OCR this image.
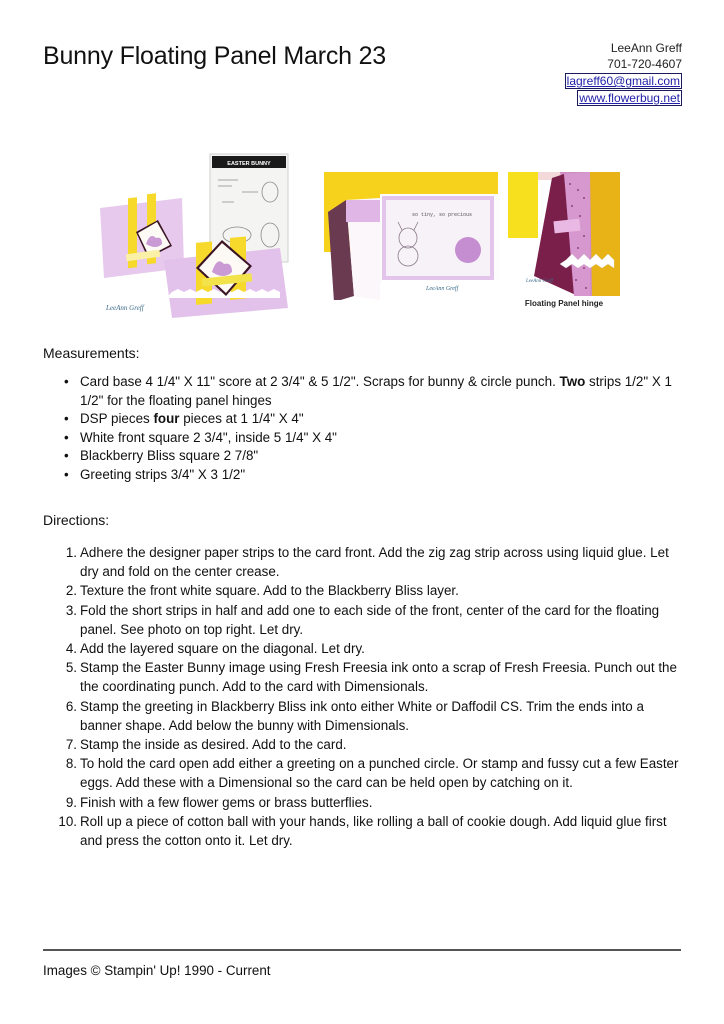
Bunny Floating Panel March 23	LeeAnn Greff
701-720-4607
lagreff60@gmail.com
www.flowerbug.net
EASTER BUNNY
LeeAnn Greff
so tiny, so precious
LeeAnn Greff
LeeAnn Greff
Floating Panel hinge
Measurements:
• Card base 4 1/4" X 11" score at 2 3/4" & 5 1/2". Scraps for bunny & circle punch. Two strips 1/2" X 1 1/2" for the floating panel hinges
• DSP pieces four pieces at 1 1/4" X 4"
• White front square 2 3/4", inside 5 1/4" X 4"
• Blackberry Bliss square 2 7/8"
• Greeting strips 3/4" X 3 1/2"
Directions:
1. Adhere the designer paper strips to the card front. Add the zig zag strip across using liquid glue. Let dry and fold on the center crease.
2. Texture the front white square. Add to the Blackberry Bliss layer.
3. Fold the short strips in half and add one to each side of the front, center of the card for the floating panel. See photo on top right. Let dry.
4. Add the layered square on the diagonal. Let dry.
5. Stamp the Easter Bunny image using Fresh Freesia ink onto a scrap of Fresh Freesia. Punch out the the coordinating punch. Add to the card with Dimensionals.
6. Stamp the greeting in Blackberry Bliss ink onto either White or Daffodil CS. Trim the ends into a banner shape. Add below the bunny with Dimensionals.
7. Stamp the inside as desired. Add to the card.
8. To hold the card open add either a greeting on a punched circle. Or stamp and fussy cut a few Easter eggs. Add these with a Dimensional so the card can be held open by catching on it.
9. Finish with a few flower gems or brass butterflies.
10. Roll up a piece of cotton ball with your hands, like rolling a ball of cookie dough. Add liquid glue first and press the cotton onto it. Let dry.
Images © Stampin' Up! 1990 - Current
